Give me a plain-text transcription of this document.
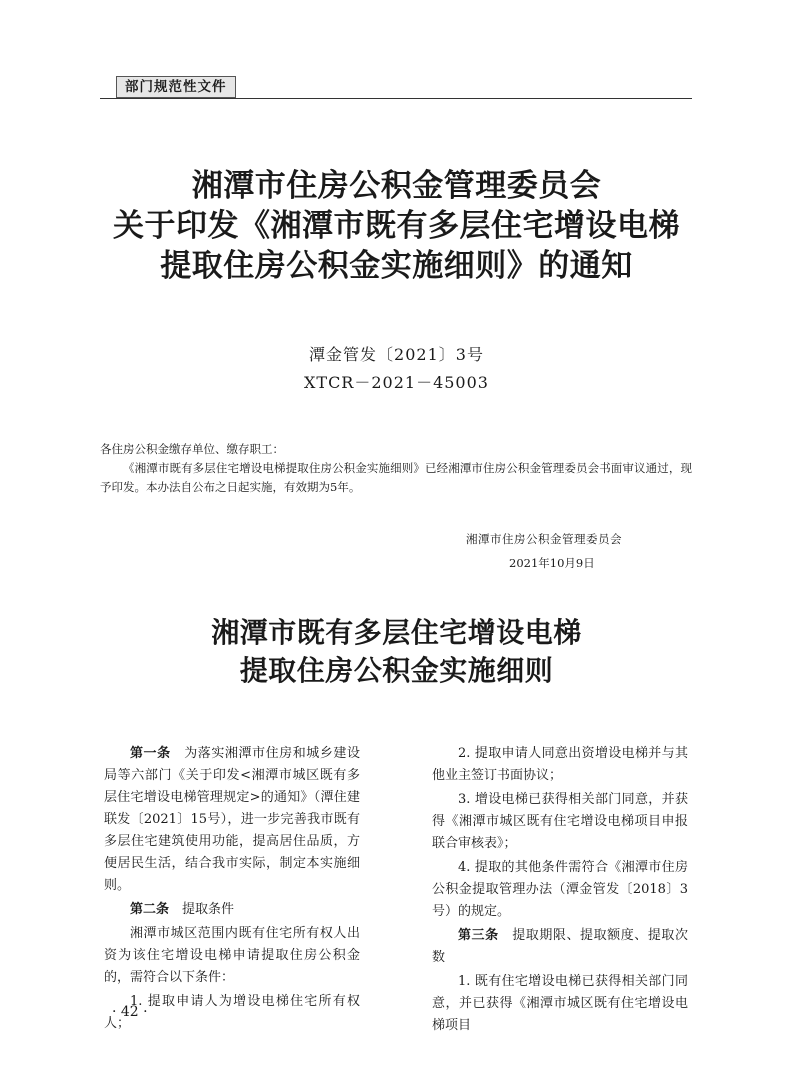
部门规范性文件
湘潭市住房公积金管理委员会
关于印发《湘潭市既有多层住宅增设电梯
提取住房公积金实施细则》的通知
潭金管发〔2021〕3号
XTCR－2021－45003
各住房公积金缴存单位、缴存职工：
《湘潭市既有多层住宅增设电梯提取住房公积金实施细则》已经湘潭市住房公积金管理委员会书面审议通过，现予印发。本办法自公布之日起实施，有效期为5年。
湘潭市住房公积金管理委员会
2021年10月9日
湘潭市既有多层住宅增设电梯
提取住房公积金实施细则

第一条　 为落实湘潭市住房和城乡建设局等六部门《关于印发<湘潭市城区既有多层住宅增设电梯管理规定>的通知》（潭住建联发〔2021〕15号），进一步完善我市既有多层住宅建筑使用功能，提高居住品质，方便居民生活，结合我市实际，制定本实施细则。

第二条　 提取条件

湘潭市城区范围内既有住宅所有权人出资为该住宅增设电梯申请提取住房公积金的，需符合以下条件：

1. 提取申请人为增设电梯住宅所有权人；

2. 提取申请人同意出资增设电梯并与其他业主签订书面协议；

3. 增设电梯已获得相关部门同意，并获得《湘潭市城区既有住宅增设电梯项目申报联合审核表》；

4. 提取的其他条件需符合《湘潭市住房公积金提取管理办法（潭金管发〔2018〕3号）的规定。

第三条　 提取期限、提取额度、提取次数

1. 既有住宅增设电梯已获得相关部门同意，并已获得《湘潭市城区既有住宅增设电梯项目

· 42 ·
